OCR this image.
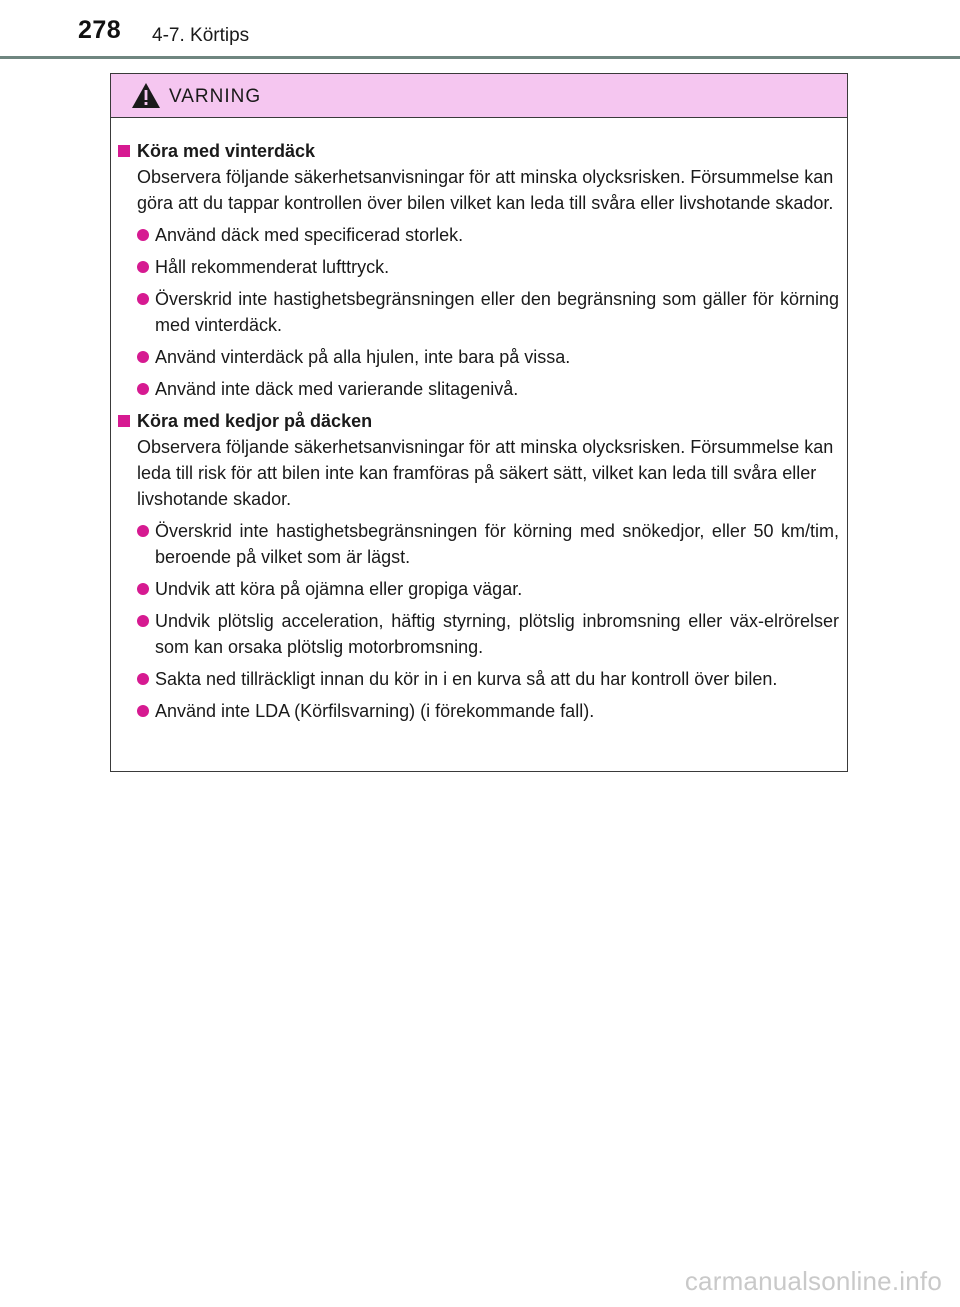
278 4-7. Körtips
VARNING
Köra med vinterdäck

Observera följande säkerhetsanvisningar för att minska olycksrisken. Försummelse kan göra att du tappar kontrollen över bilen vilket kan leda till svåra eller livshotande skador.

Använd däck med specificerad storlek.
Håll rekommenderat lufttryck.
Överskrid inte hastighetsbegränsningen eller den begränsning som gäller för körning med vinterdäck.
Använd vinterdäck på alla hjulen, inte bara på vissa.
Använd inte däck med varierande slitagenivå.
Köra med kedjor på däcken

Observera följande säkerhetsanvisningar för att minska olycksrisken. Försummelse kan leda till risk för att bilen inte kan framföras på säkert sätt, vilket kan leda till svåra eller livshotande skador.

Överskrid inte hastighetsbegränsningen för körning med snökedjor, eller 50 km/tim, beroende på vilket som är lägst.
Undvik att köra på ojämna eller gropiga vägar.
Undvik plötslig acceleration, häftig styrning, plötslig inbromsning eller väx-elrörelser som kan orsaka plötslig motorbromsning.
Sakta ned tillräckligt innan du kör in i en kurva så att du har kontroll över bilen.
Använd inte LDA (Körfilsvarning) (i förekommande fall).
carmanualsonline.info
